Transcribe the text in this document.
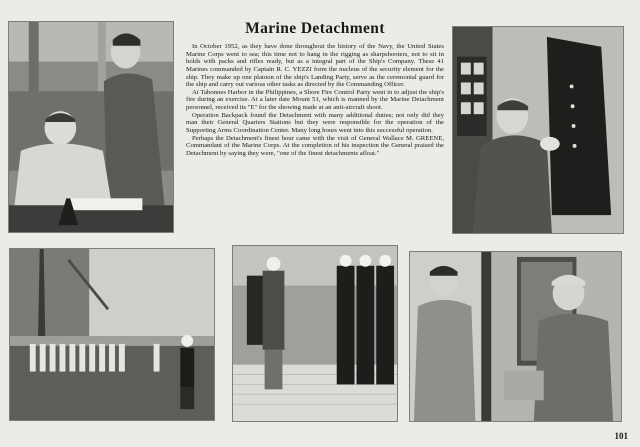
Marine Detachment

In October 1952, as they have done throughout the history of the Navy, the United States Marine Corps went to sea; this time not to hang in the rigging as sharpshooters, not to sit in holds with packs and rifles ready, but as a integral part of the Ship's Company. These 41 Marines commanded by Captain R. C. YEZZI form the nucleus of the security element for the ship. They make up one platoon of the ship's Landing Party, serve as the ceremonial guard for the ship and carry out various other tasks as directed by the Commanding Officer.

At Tabonnes Harbor in the Philippines, a Shore Fire Control Party went in to adjust the ship's fire during an exercise. At a later date Mount 51, which is manned by the Marine Detachment personnel, received its "E" for the showing made at an anti-aircraft shoot.

Operation Backpack found the Detachment with many additional duties; not only did they man their General Quarters Stations but they were responsible for the operation of the Supporting Arms Coordination Center. Many long hours went into this successful operation.

Perhaps the Detachment's finest hour came with the visit of General Wallace M. GREENE, Commandant of the Marine Corps. At the completion of his inspection the General praised the Detachment by saying they were, "one of the finest detachments afloat."

101
